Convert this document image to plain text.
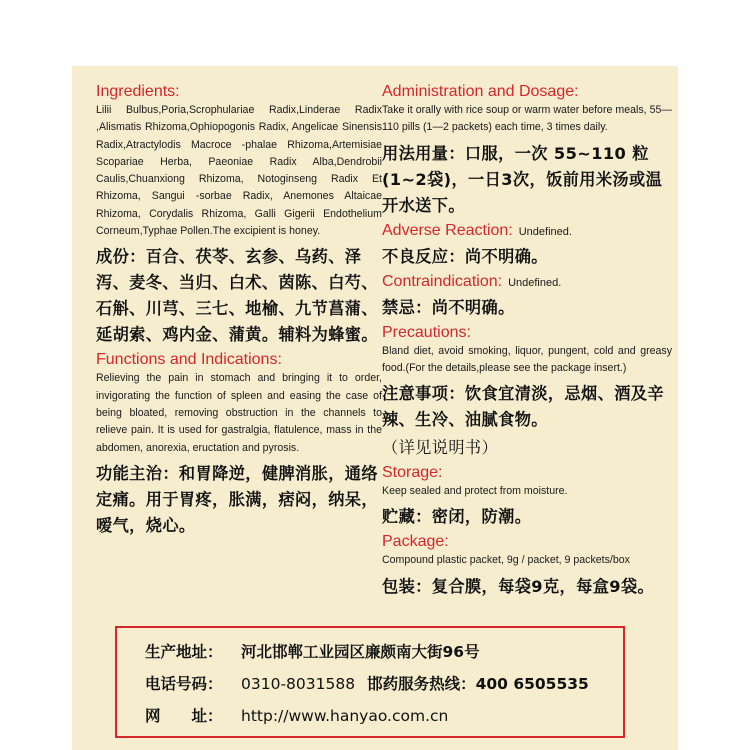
Ingredients:
Lilii Bulbus,Poria,Scrophulariae Radix,Linderae Radix ,Alismatis Rhizoma,Ophiopogonis Radix, Angelicae Sinensis Radix,Atractylodis Macroce -phalae Rhizoma,Artemisiae Scopariae Herba, Paeoniae Radix Alba,Dendrobii Caulis,Chuanxiong Rhizoma, Notoginseng Radix Et Rhizoma, Sangui -sorbae Radix, Anemones Altaicae Rhizoma, Corydalis Rhizoma, Galli Gigerii Endothelium Corneum,Typhae Pollen.The excipient is honey.
成份：百合、茯苓、玄参、乌药、泽泻、麦冬、当归、白术、茵陈、白芍、石斛、川芎、三七、地榆、九节菖蒲、延胡索、鸡内金、蒲黄。辅料为蜂蜜。
Functions and Indications:
Relieving the pain in stomach and bringing it to order, invigorating the function of spleen and easing the case of being bloated, removing obstruction in the channels to relieve pain. It is used for gastralgia, flatulence, mass in the abdomen, anorexia, eructation and pyrosis.
功能主治：和胃降逆，健脾消胀，通络定痛。用于胃疼，胀满，痞闷，纳呆，嗳气，烧心。
Administration and Dosage:
Take it orally with rice soup or warm water before meals, 55—110 pills (1—2 packets) each time, 3 times daily.
用法用量：口服，一次 55~110 粒(1~2袋)，一日3次，饭前用米汤或温开水送下。
Adverse Reaction: Undefined.
不良反应：尚不明确。
Contraindication: Undefined.
禁忌：尚不明确。
Precautions:
Bland diet, avoid smoking, liquor, pungent, cold and greasy food.(For the details,please see the package insert.)
注意事项：饮食宜清淡，忌烟、酒及辛辣、生冷、油腻食物。
（详见说明书）
Storage:
Keep sealed and protect from moisture.
贮藏：密闭，防潮。
Package:
Compound plastic packet, 9g / packet, 9 packets/box
包装：复合膜，每袋9克，每盒9袋。
生产地址： 河北邯郸工业园区廉颇南大街96号
电话号码： 0310-8031588 邯药服务热线：400 6505535
网　　址： http://www.hanyao.com.cn
